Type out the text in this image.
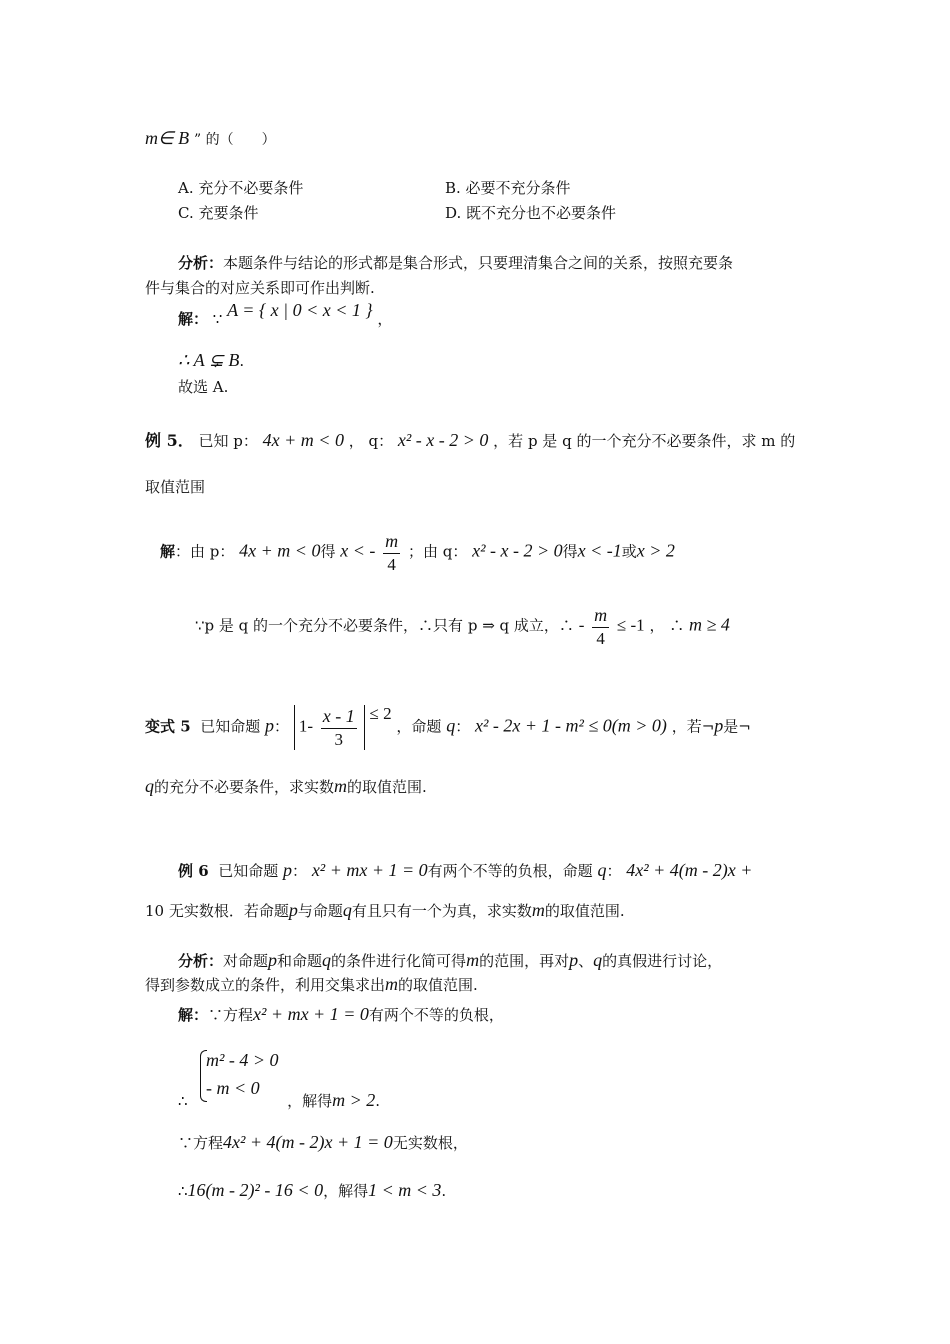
m∈ B ” 的（　　）
A. 充分不必要条件	B. 必要不充分条件
C. 充要条件	D. 既不充分也不必要条件
分析：本题条件与结论的形式都是集合形式，只要理清集合之间的关系，按照充要条
件与集合的对应关系即可作出判断.
解： ∵ A = { x | 0 < x < 1 } ，
∴ A ⊊ B.
故选 A.
例 5． 已知 p： 4x + m < 0 ， q： x² - x - 2 > 0 ，若 p 是 q 的一个充分不必要条件，求 m 的
取值范围
解：由 p： 4x + m < 0得 x < - $\frac{m}{4}$ ；由 q： x² - x - 2 > 0得x < -1或x > 2
∵p 是 q 的一个充分不必要条件，∴只有 p ⇒ q 成立，∴ - $\frac{m}{4} \le -1$ ， ∴ m ≥ 4
变式 5 已知命题 p： $1- \frac{x - 1}{3} \le 2$ ，命题 q： x² - 2x + 1 - m² ≤ 0(m > 0) ，若¬p是¬
q的充分不必要条件，求实数m的取值范围.
例 6 已知命题 p： x² + mx + 1 = 0有两个不等的负根，命题 q： 4x² + 4(m - 2)x +
10 无实数根．若命题p与命题q有且只有一个为真，求实数m的取值范围.
分析：对命题p和命题q的条件进行化简可得m的范围，再对p、q的真假进行讨论，
得到参数成立的条件，利用交集求出m的取值范围.
解：∵方程x² + mx + 1 = 0有两个不等的负根，
m² - 4 > 0
- m < 0
∴	，解得m > 2.
∵方程4x² + 4(m - 2)x + 1 = 0无实数根，
∴16(m - 2)² - 16 < 0，解得1 < m < 3.
